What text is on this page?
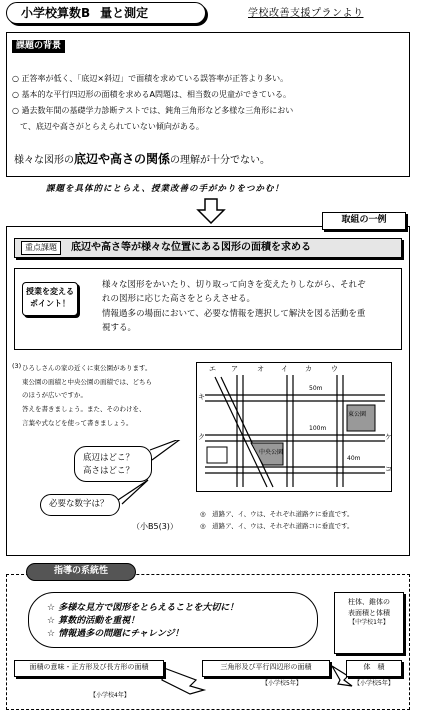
小学校算数B 量と測定	学校改善支援プランより
課題の背景
○ 正答率が低く、「底辺×斜辺」で面積を求めている誤答率が正答より多い。
○ 基本的な平行四辺形の面積を求めるA問題は、相当数の児童ができている。
○ 過去数年間の基礎学力診断テストでは、鈍角三角形など多様な三角形におい
　て、底辺や高さがとらえられていない傾向がある。
様々な図形の底辺や高さの関係の理解が十分でない。
課題を具体的にとらえ、授業改善の手がかりをつかむ！
取組の一例
重点課題	底辺や高さ等が様々な位置にある図形の面積を求める
授業を変える
ポイント！
様々な図形をかいたり、切り取って向きを変えたりしながら、それぞ
れの図形に応じた高さをとらえさせる。
情報過多の場面において、必要な情報を選択して解決を図る活動を重
視する。
(3) ひろしさんの家の近くに東公園があります。
東公園の面積と中央公園の面積では、どちら
のほうが広いですか。
答えを書きましょう。また、そのわけを、
言葉や式などを使って書きましょう。
底辺はどこ？
高さはどこ？
必要な数字は？
（小B5(3)）
ア	イ	ウ
エ	オ	カ
キ
ク	ケ
コ
東公園
中央公園
50m
100m
40m
◎　道路ア、イ、ウは、それぞれ道路ケに垂直です。
◎　道路ア、イ、ウは、それぞれ道路コに垂直です。
指導の系統性
☆ 多様な見方で図形をとらえることを大切に！
☆ 算数的活動を重視！
☆ 情報過多の問題にチャレンジ！
柱体、錐体の
表面積と体積
【中学校1年】
面積の意味・正方形及び長方形の面積
【小学校4年】
三角形及び平行四辺形の面積
【小学校5年】
体　積
【小学校5年】
